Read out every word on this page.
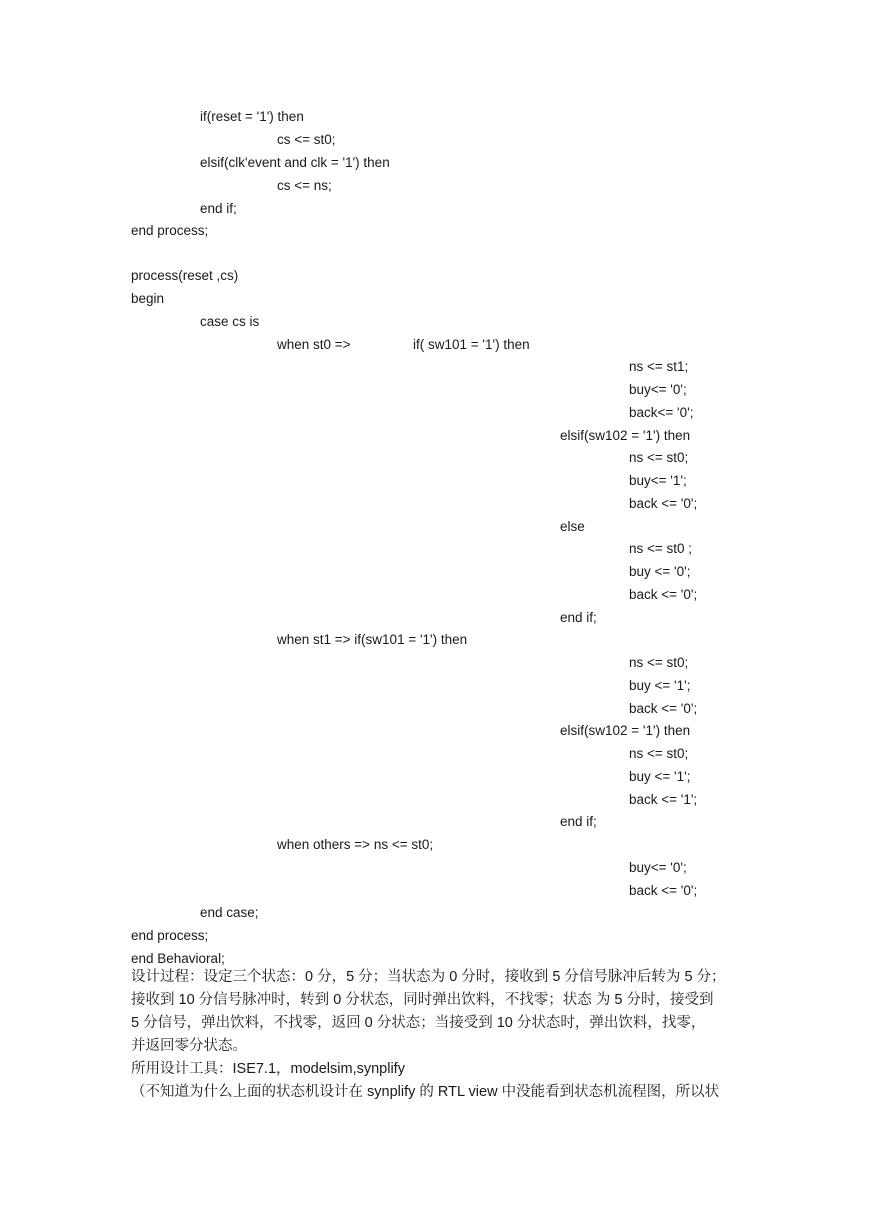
if(reset = '1') then
cs <= st0;
elsif(clk'event and clk = '1') then
cs <= ns;
end if;
end process;
process(reset ,cs)
begin
case cs is
when st0 =>	if( sw101 = '1') then
ns <= st1;
buy<= '0';
back<= '0';
elsif(sw102 = '1') then
ns <= st0;
buy<= '1';
back <= '0';
else
ns <= st0 ;
buy <= '0';
back <= '0';
end if;
when st1 => if(sw101 = '1') then
ns <= st0;
buy <= '1';
back <= '0';
elsif(sw102 = '1') then
ns <= st0;
buy <= '1';
back <= '1';
end if;
when others => ns <= st0;
buy<= '0';
back <= '0';
end case;
end process;
end Behavioral;
设计过程：设定三个状态：0 分，5 分；当状态为 0 分时，接收到 5 分信号脉冲后转为 5 分；
接收到 10 分信号脉冲时，转到 0 分状态，同时弹出饮料，不找零；状态 为 5 分时，接受到
5 分信号，弹出饮料，不找零，返回 0 分状态；当接受到 10 分状态时，弹出饮料，找零，
并返回零分状态。
所用设计工具：ISE7.1，modelsim,synplify
（不知道为什么上面的状态机设计在 synplify 的 RTL view 中没能看到状态机流程图，所以状
